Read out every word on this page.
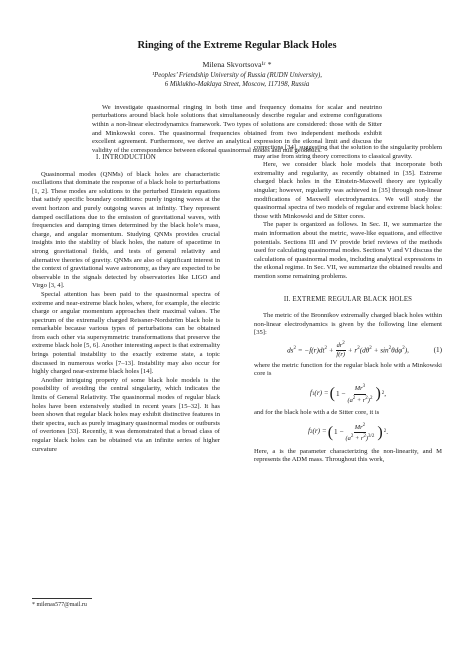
Ringing of the Extreme Regular Black Holes
Milena Skvortsova¹ʳ *
¹Peoples’ Friendship University of Russia (RUDN University),
6 Miklukho-Maklaya Street, Moscow, 117198, Russia

We investigate quasinormal ringing in both time and frequency domains for scalar and neutrino perturbations around black hole solutions that simultaneously describe regular and extreme configurations within a non-linear electrodynamics framework. Two types of solutions are considered: those with de Sitter and Minkowski cores. The quasinormal frequencies obtained from two independent methods exhibit excellent agreement. Furthermore, we derive an analytical expression in the eikonal limit and discuss the validity of the correspondence between eikonal quasinormal modes and null geodesics.

I. INTRODUCTION

Quasinormal modes (QNMs) of black holes are characteristic oscillations that dominate the response of a black hole to perturbations [1, 2]. These modes are solutions to the perturbed Einstein equations that satisfy specific boundary conditions: purely ingoing waves at the event horizon and purely outgoing waves at infinity. They represent damped oscillations due to the emission of gravitational waves, with frequencies and damping times determined by the black hole’s mass, charge, and angular momentum. Studying QNMs provides crucial insights into the stability of black holes, the nature of spacetime in strong gravitational fields, and tests of general relativity and alternative theories of gravity. QNMs are also of significant interest in the context of gravitational wave astronomy, as they are expected to be observable in the signals detected by observatories like LIGO and Virgo [3, 4].

Special attention has been paid to the quasinormal spectra of extreme and near-extreme black holes, where, for example, the electric charge or angular momentum approaches their maximal values. The spectrum of the extremally charged Reissner-Nordström black hole is remarkable because various types of perturbations can be obtained from each other via supersymmetric transformations that preserve the extreme black hole [5, 6]. Another interesting aspect is that extremality brings potential instability to the exactly extreme state, a topic discussed in numerous works [7–13]. Instability may also occur for highly charged near-extreme black holes [14].

Another intriguing property of some black hole models is the possibility of avoiding the central singularity, which indicates the limits of General Relativity. The quasinormal modes of regular black holes have been extensively studied in recent years [15–32]. It has been shown that regular black holes may exhibit distinctive features in their spectra, such as purely imaginary quasinormal modes or outbursts of overtones [33]. Recently, it was demonstrated that a broad class of regular black holes can be obtained via an infinite series of higher curvature

corrections [34], suggesting that the solution to the singularity problem may arise from string theory corrections to classical gravity.

Here, we consider black hole models that incorporate both extremality and regularity, as recently obtained in [35]. Extreme charged black holes in the Einstein-Maxwell theory are typically singular; however, regularity was achieved in [35] through non-linear modifications of Maxwell electrodynamics. We will study the quasinormal spectra of two models of regular and extreme black holes: those with Minkowski and de Sitter cores.

The paper is organized as follows. In Sec. II, we summarize the main information about the metric, wave-like equations, and effective potentials. Sections III and IV provide brief reviews of the methods used for calculating quasinormal modes. Sections V and VI discuss the calculations of quasinormal modes, including analytical expressions in the eikonal regime. In Sec. VII, we summarize the obtained results and mention some remaining problems.

II. EXTREME REGULAR BLACK HOLES

The metric of the Bronnikov extremally charged black holes within non-linear electrodynamics is given by the following line element [35]:

$ds^2 = -f(r)dt^2 + \frac{dr^2}{f(r)} + r^2(d\theta^2 + \sin^2\theta d\varphi^2)$,	(1)

where the metric function for the regular black hole with a Minkowski core is

f1(r) = ( $1 - \frac{Mr^3}{(a^2 + r^2)^2}$ ) 2 ,

and for the black hole with a de Sitter core, it is

f2(r) = ( $1 - \frac{Mr^2}{(a^2 + r^2)^{3/2}}$ ) 2 .

Here, a is the parameter characterizing the non-linearity, and M represents the ADM mass. Throughout this work,

* milenas577@mail.ru
